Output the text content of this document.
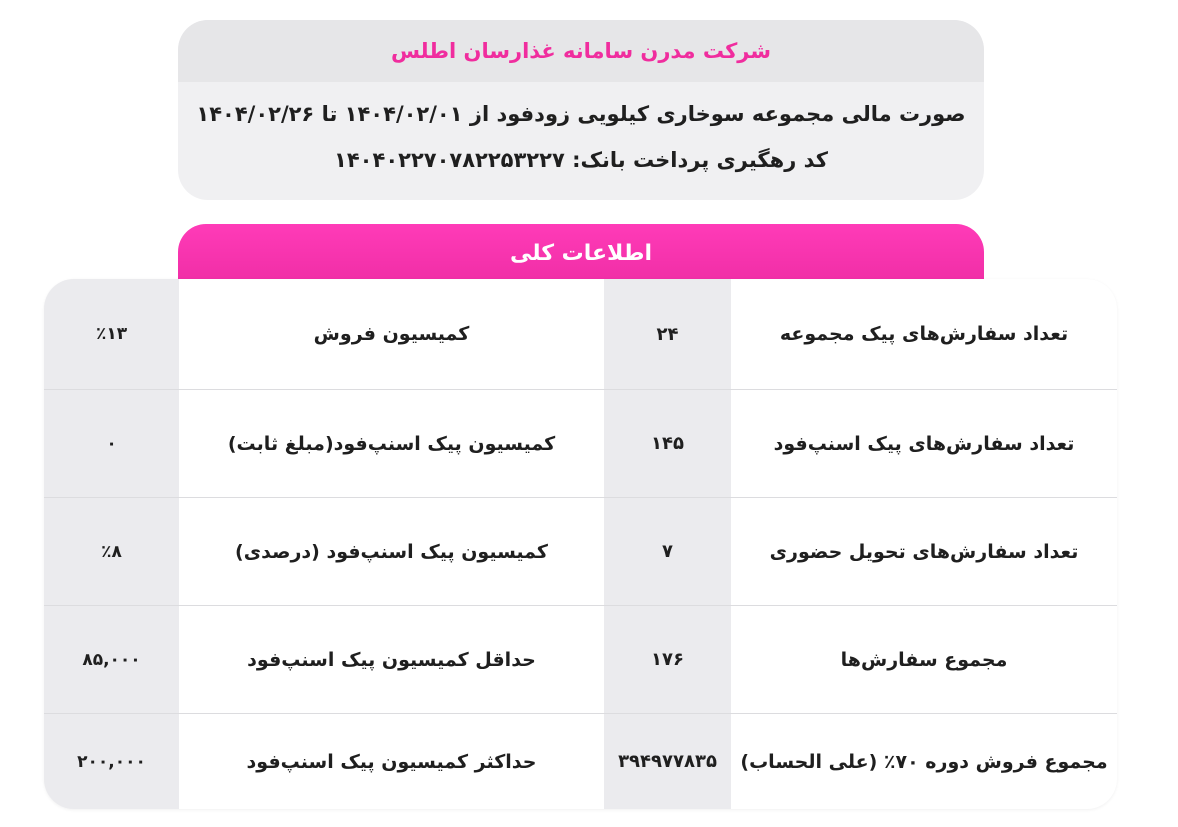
شرکت مدرن سامانه غذارسان اطلس
صورت مالی مجموعه سوخاری کیلویی زودفود از ۱۴۰۴/۰۲/۰۱ تا ۱۴۰۴/۰۲/۲۶
کد رهگیری پرداخت بانک: ۱۴۰۴۰۲۲۷۰۷۸۲۲۵۳۲۲۷
اطلاعات کلی
تعداد سفارش‌های پیک مجموعه
۲۴
کمیسیون فروش
٪۱۳
تعداد سفارش‌های پیک اسنپ‌فود
۱۴۵
کمیسیون پیک اسنپ‌فود(مبلغ ثابت)
۰
تعداد سفارش‌های تحویل حضوری
۷
کمیسیون پیک اسنپ‌فود (درصدی)
٪۸
مجموع سفارش‌ها
۱۷۶
حداقل کمیسیون پیک اسنپ‌فود
۸۵,۰۰۰
مجموع فروش دوره ۷۰٪ (علی الحساب)
۳۹۴۹۷۷۸۳۵
حداکثر کمیسیون پیک اسنپ‌فود
۲۰۰,۰۰۰
